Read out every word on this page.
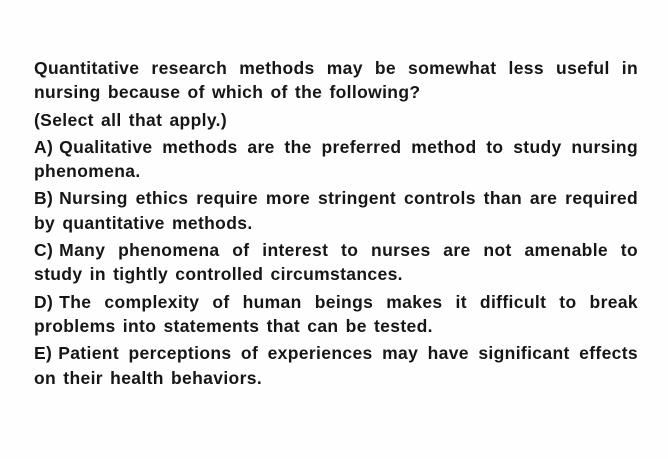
Quantitative research methods may be somewhat less useful in nursing because of which of the following?
(Select all that apply.)
A) Qualitative methods are the preferred method to study nursing phenomena.
B) Nursing ethics require more stringent controls than are required by quantitative methods.
C) Many phenomena of interest to nurses are not amenable to study in tightly controlled circumstances.
D) The complexity of human beings makes it difficult to break problems into statements that can be tested.
E) Patient perceptions of experiences may have significant effects on their health behaviors.
